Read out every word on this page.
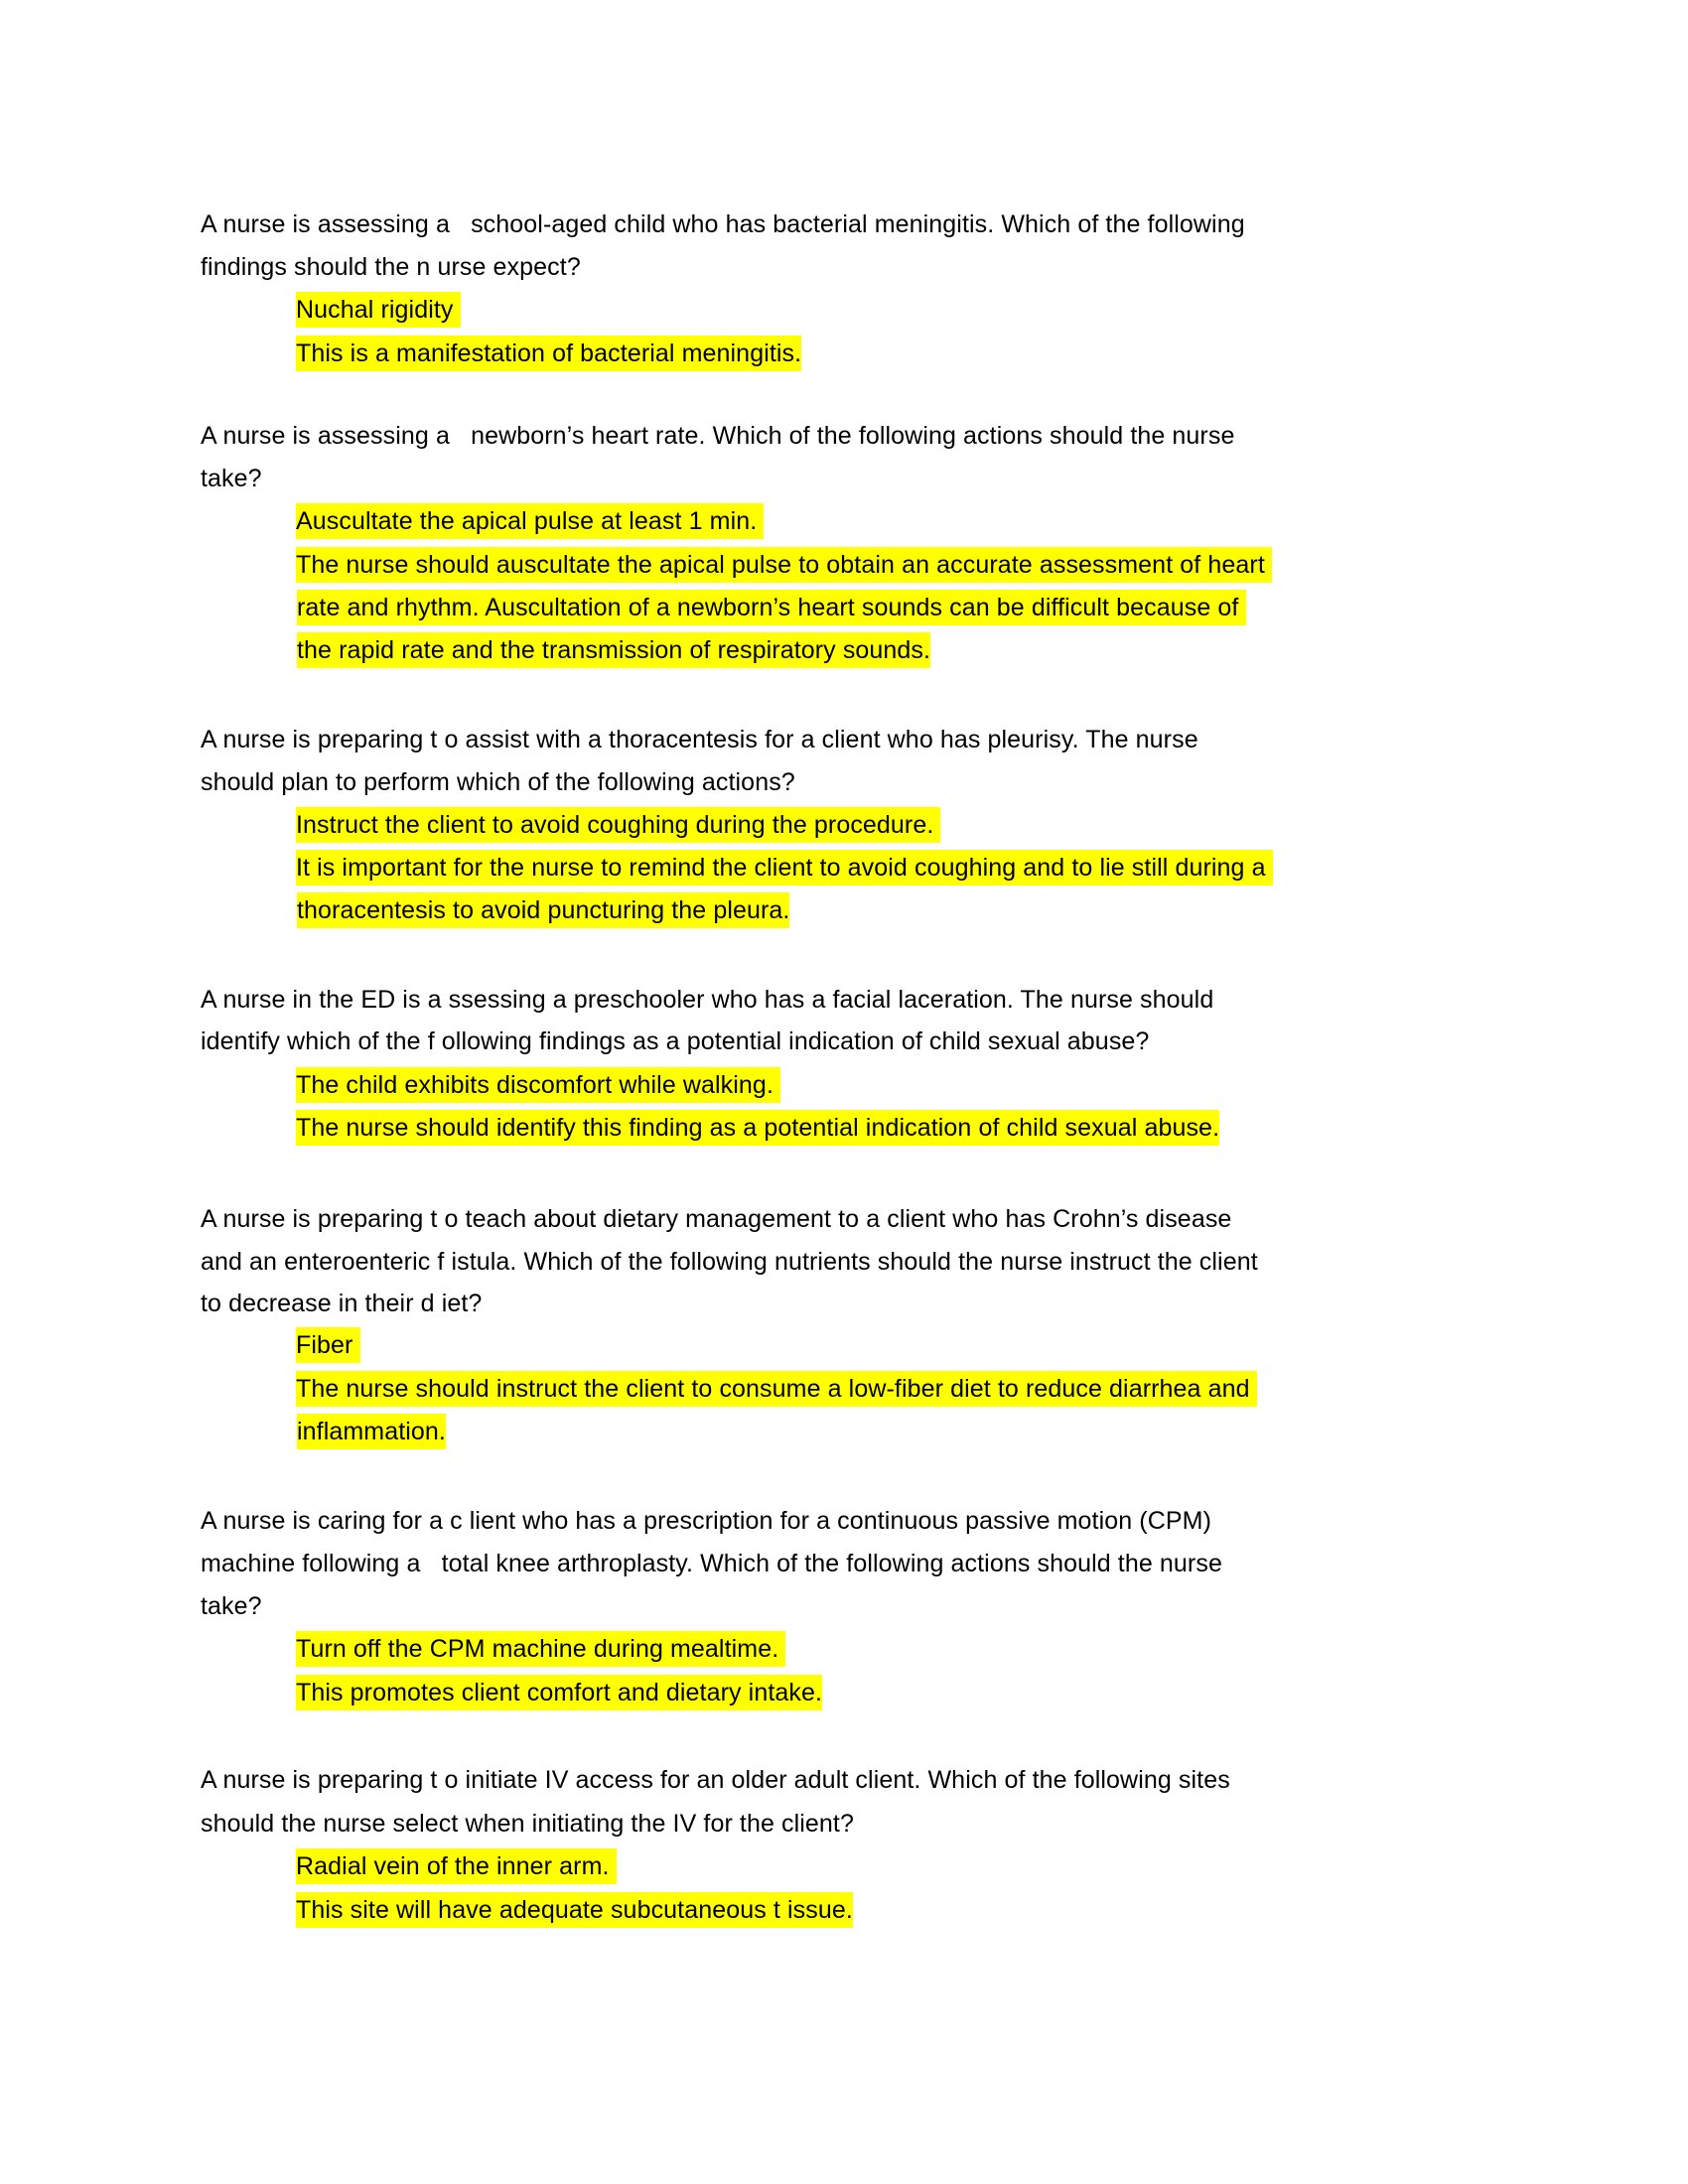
A nurse is assessing a   school-aged child who has bacterial meningitis. Which of the following
findings should the n urse expect?
Nuchal rigidity
This is a manifestation of bacterial meningitis.
A nurse is assessing a   newborn’s heart rate. Which of the following actions should the nurse
take?
Auscultate the apical pulse at least 1 min.
The nurse should auscultate the apical pulse to obtain an accurate assessment of heart
rate and rhythm. Auscultation of a newborn’s heart sounds can be difficult because of
the rapid rate and the transmission of respiratory sounds.
A nurse is preparing t o assist with a thoracentesis for a client who has pleurisy. The nurse
should plan to perform which of the following actions?
Instruct the client to avoid coughing during the procedure.
It is important for the nurse to remind the client to avoid coughing and to lie still during a
thoracentesis to avoid puncturing the pleura.
A nurse in the ED is a ssessing a preschooler who has a facial laceration. The nurse should
identify which of the f ollowing findings as a potential indication of child sexual abuse?
The child exhibits discomfort while walking.
The nurse should identify this finding as a potential indication of child sexual abuse.
A nurse is preparing t o teach about dietary management to a client who has Crohn’s disease
and an enteroenteric f istula. Which of the following nutrients should the nurse instruct the client
to decrease in their d iet?
Fiber
The nurse should instruct the client to consume a low-fiber diet to reduce diarrhea and
inflammation.
A nurse is caring for a c lient who has a prescription for a continuous passive motion (CPM)
machine following a   total knee arthroplasty. Which of the following actions should the nurse
take?
Turn off the CPM machine during mealtime.
This promotes client comfort and dietary intake.
A nurse is preparing t o initiate IV access for an older adult client. Which of the following sites
should the nurse select when initiating the IV for the client?
Radial vein of the inner arm.
This site will have adequate subcutaneous t issue.
